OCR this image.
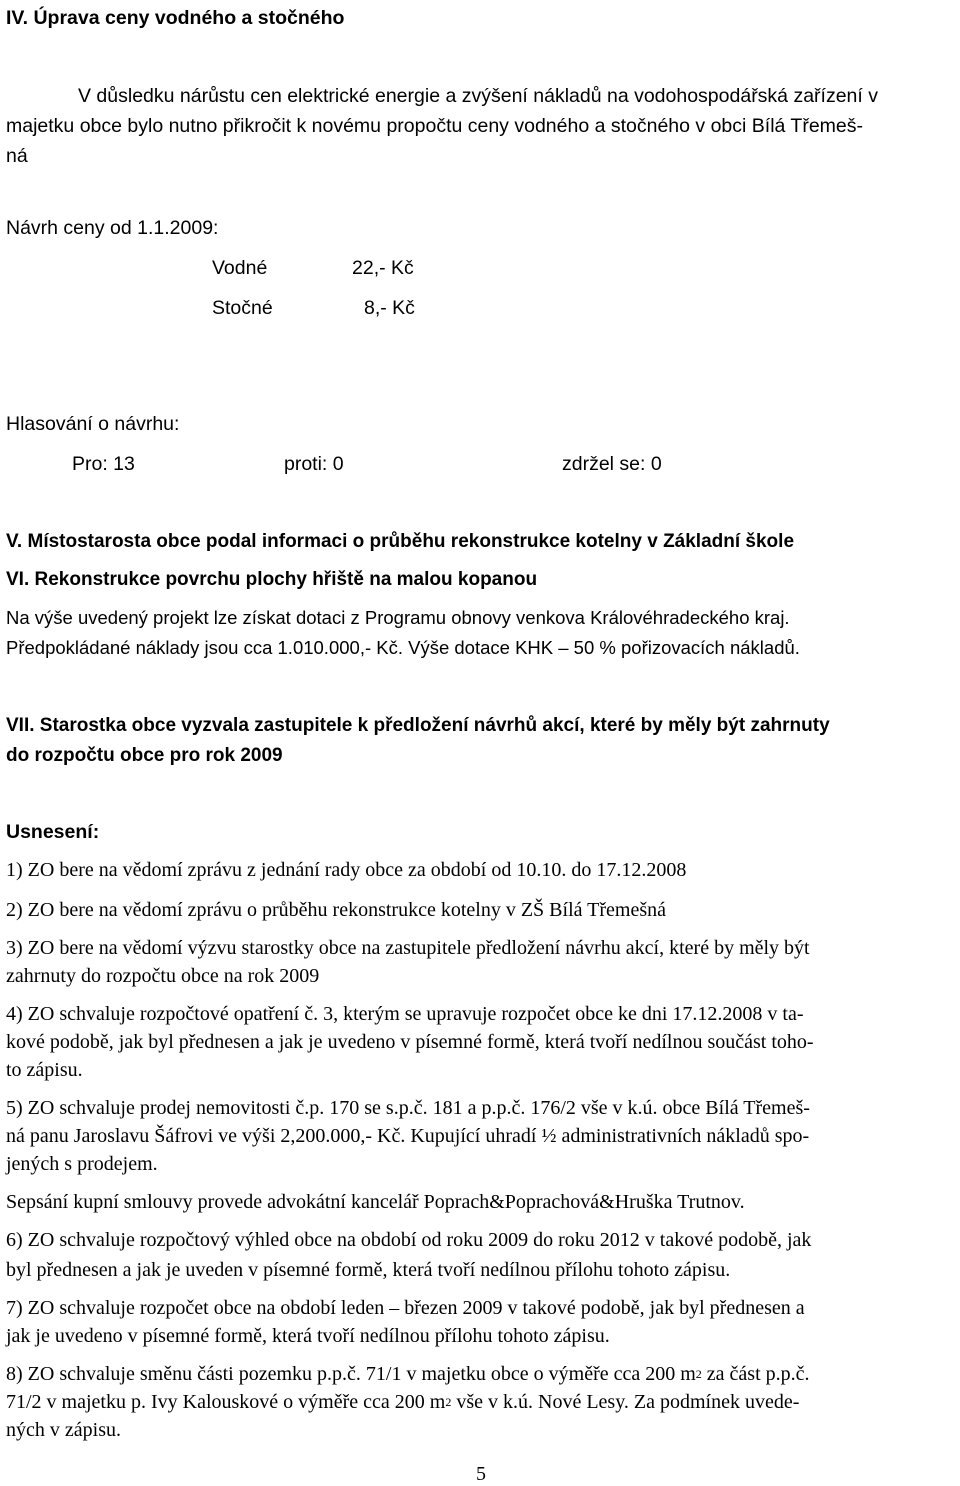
IV. Úprava ceny vodného a stočného
V důsledku nárůstu cen elektrické energie a zvýšení nákladů na vodohospodářská zařízení v
majetku obce bylo nutno přikročit k novému propočtu ceny vodného a stočného v obci Bílá Třemeš-
ná
Návrh ceny od 1.1.2009:
Vodné	22,- Kč
Stočné	8,- Kč
Hlasování o návrhu:
Pro: 13	proti: 0	zdržel se: 0
V. Místostarosta obce podal informaci o průběhu rekonstrukce kotelny v Základní škole
VI. Rekonstrukce povrchu plochy hřiště na malou kopanou
Na výše uvedený projekt lze získat dotaci z Programu obnovy venkova Královéhradeckého kraj.
Předpokládané náklady jsou cca 1.010.000,- Kč. Výše dotace KHK – 50 % pořizovacích nákladů.
VII. Starostka obce vyzvala zastupitele k předložení návrhů akcí, které by měly být zahrnuty
do rozpočtu obce pro rok 2009
Usnesení:
1) ZO bere na vědomí zprávu z jednání rady obce za období od 10.10. do 17.12.2008
2) ZO bere na vědomí zprávu o průběhu rekonstrukce kotelny v ZŠ Bílá Třemešná
3) ZO bere na vědomí výzvu starostky obce na zastupitele předložení návrhu akcí, které by měly být
zahrnuty do rozpočtu obce na rok 2009
4) ZO schvaluje rozpočtové opatření č. 3, kterým se upravuje rozpočet obce ke dni 17.12.2008 v ta-
kové podobě, jak byl přednesen a jak je uvedeno v písemné formě, která tvoří nedílnou součást toho-
to zápisu.
5) ZO schvaluje prodej nemovitosti č.p. 170 se s.p.č. 181 a p.p.č. 176/2 vše v k.ú. obce Bílá Třemeš-
ná panu Jaroslavu Šáfrovi ve výši 2,200.000,- Kč. Kupující uhradí ½ administrativních nákladů spo-
jených s prodejem.
Sepsání kupní smlouvy provede advokátní kancelář Poprach&Poprachová&Hruška Trutnov.
6) ZO schvaluje rozpočtový výhled obce na období od roku 2009 do roku 2012 v takové podobě, jak
byl přednesen a jak je uveden v písemné formě, která tvoří nedílnou přílohu tohoto zápisu.
7) ZO schvaluje rozpočet obce na období leden – březen 2009 v takové podobě, jak byl přednesen a
jak je uvedeno v písemné formě, která tvoří nedílnou přílohu tohoto zápisu.
8) ZO schvaluje směnu části pozemku p.p.č. 71/1 v majetku obce o výměře cca 200 $m^2$ za část p.p.č.
71/2 v majetku p. Ivy Kalouskové o výměře cca 200 $m^2$ vše v k.ú. Nové Lesy. Za podmínek uvede-
ných v zápisu.
5
